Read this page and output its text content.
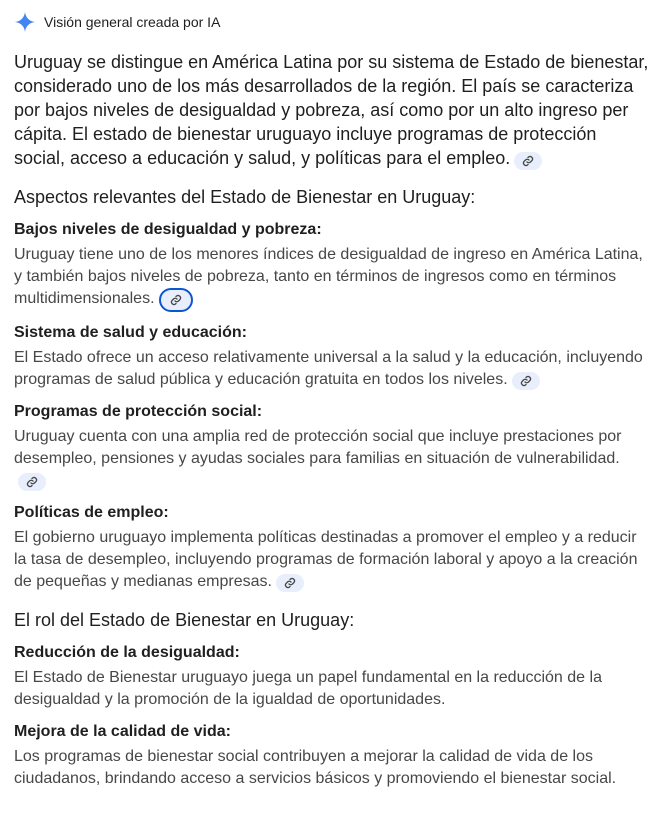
Visión general creada por IA

Uruguay se distingue en América Latina por su sistema de Estado de bienestar, considerado uno de los más desarrollados de la región. El país se caracteriza por bajos niveles de desigualdad y pobreza, así como por un alto ingreso per cápita. El estado de bienestar uruguayo incluye programas de protección social, acceso a educación y salud, y políticas para el empleo.

Aspectos relevantes del Estado de Bienestar en Uruguay:

Bajos niveles de desigualdad y pobreza:
Uruguay tiene uno de los menores índices de desigualdad de ingreso en América Latina, y también bajos niveles de pobreza, tanto en términos de ingresos como en términos multidimensionales.
Sistema de salud y educación:
El Estado ofrece un acceso relativamente universal a la salud y la educación, incluyendo programas de salud pública y educación gratuita en todos los niveles.
Programas de protección social:
Uruguay cuenta con una amplia red de protección social que incluye prestaciones por desempleo, pensiones y ayudas sociales para familias en situación de vulnerabilidad.
Políticas de empleo:
El gobierno uruguayo implementa políticas destinadas a promover el empleo y a reducir la tasa de desempleo, incluyendo programas de formación laboral y apoyo a la creación de pequeñas y medianas empresas.

El rol del Estado de Bienestar en Uruguay:

Reducción de la desigualdad:
El Estado de Bienestar uruguayo juega un papel fundamental en la reducción de la desigualdad y la promoción de la igualdad de oportunidades.
Mejora de la calidad de vida:
Los programas de bienestar social contribuyen a mejorar la calidad de vida de los ciudadanos, brindando acceso a servicios básicos y promoviendo el bienestar social.
